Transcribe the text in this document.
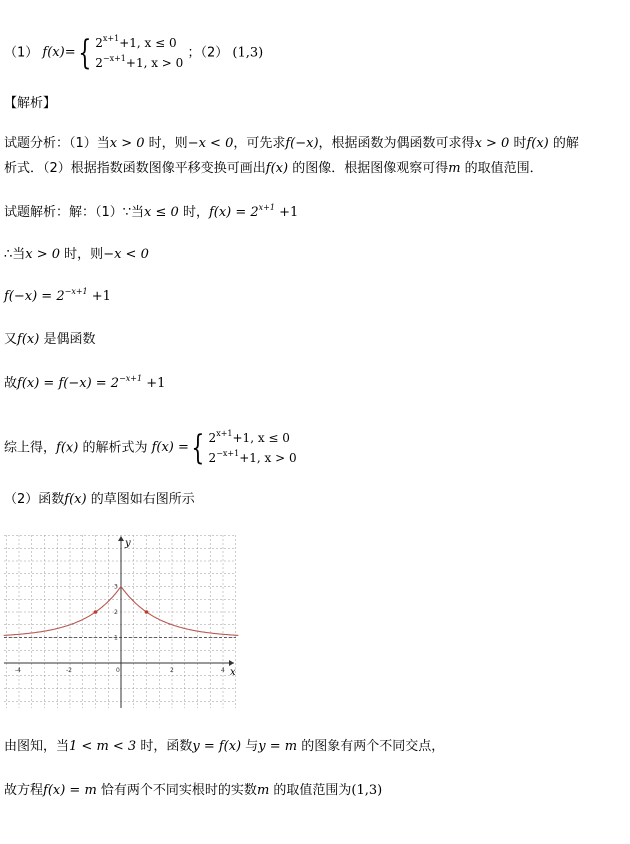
（1） f(x)= { $2^{x+1}+1$, x ≤ 0
$2^{-x+1}+1$, x > 0
；（2） (1,3)
【解析】
试题分析：（1）当x > 0 时，则−x < 0，可先求f(−x)，根据函数为偶函数可求得x > 0 时f(x) 的解
析式．（2）根据指数函数图像平移变换可画出f(x) 的图像．根据图像观察可得m 的取值范围．
试题解析：解：（1）∵当x ≤ 0 时，$f(x) = 2^{x+1} +1$
∴当x > 0 时，则−x < 0
$f(-x) = 2^{-x+1} +1$
又f(x) 是偶函数
故$f(x) = f(-x) = 2^{-x+1} +1$
综上得，f(x) 的解析式为 f(x) = { $2^{x+1}+1$, x ≤ 0
$2^{-x+1}+1$, x > 0
（2）函数f(x) 的草图如右图所示
x
y
-4	-2	0	2	4
1
2
3
由图知，当1 < m < 3 时，函数y = f(x) 与y = m 的图象有两个不同交点，
故方程f(x) = m 恰有两个不同实根时的实数m 的取值范围为(1,3)
